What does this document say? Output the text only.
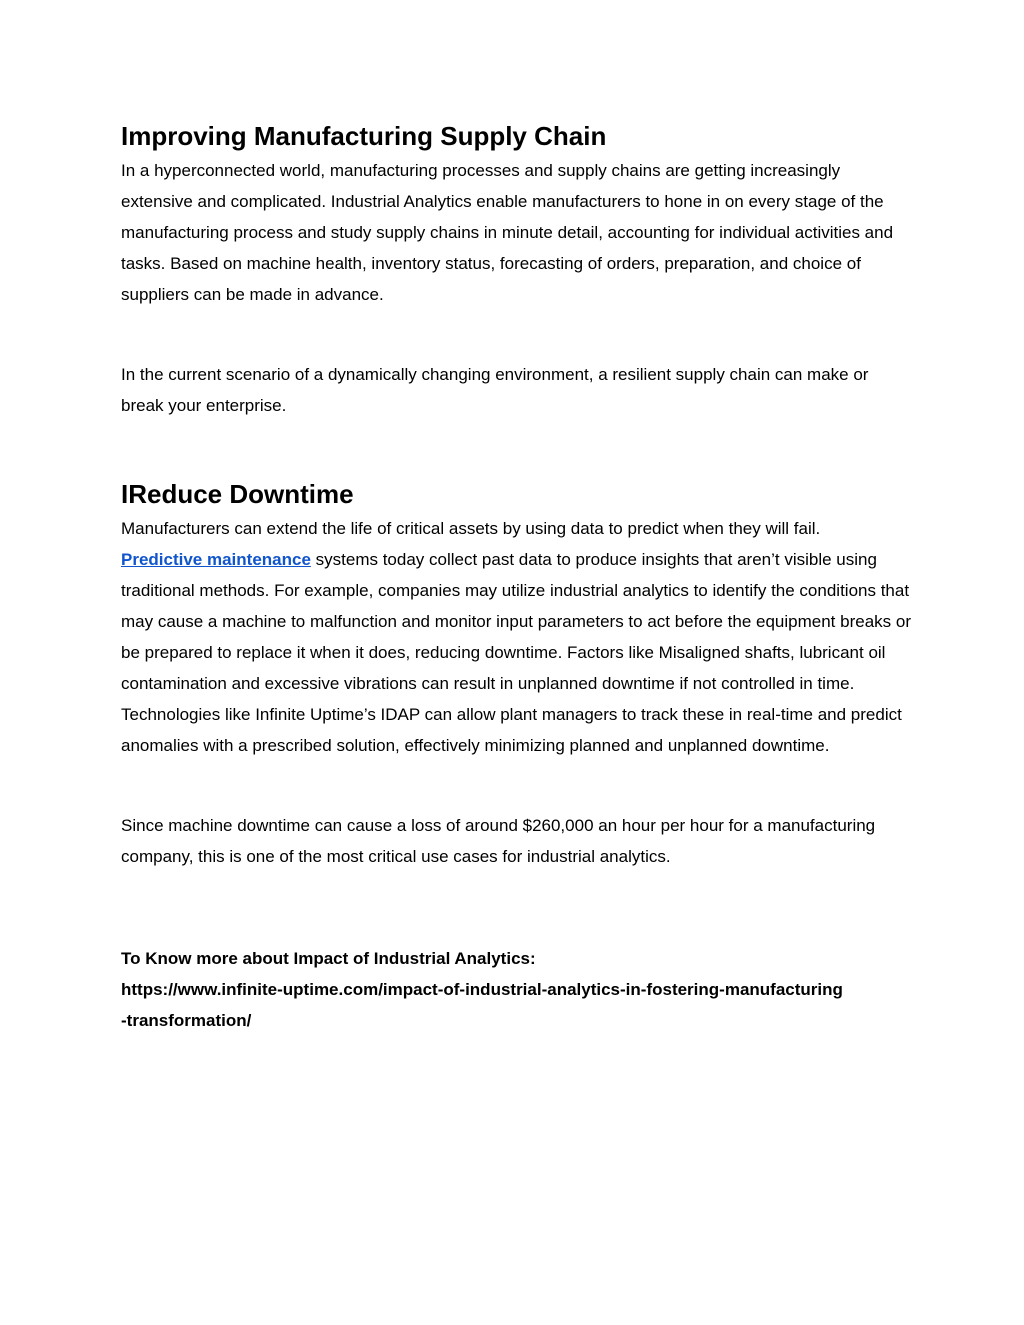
Improving Manufacturing Supply Chain

In a hyperconnected world, manufacturing processes and supply chains are getting increasingly extensive and complicated. Industrial Analytics enable manufacturers to hone in on every stage of the manufacturing process and study supply chains in minute detail, accounting for individual activities and tasks. Based on machine health, inventory status, forecasting of orders, preparation, and choice of suppliers can be made in advance.

In the current scenario of a dynamically changing environment, a resilient supply chain can make or break your enterprise.

IReduce Downtime

Manufacturers can extend the life of critical assets by using data to predict when they will fail.
Predictive maintenance systems today collect past data to produce insights that aren’t visible using traditional methods. For example, companies may utilize industrial analytics to identify the conditions that may cause a machine to malfunction and monitor input parameters to act before the equipment breaks or be prepared to replace it when it does, reducing downtime. Factors like Misaligned shafts, lubricant oil contamination and excessive vibrations can result in unplanned downtime if not controlled in time. Technologies like Infinite Uptime’s IDAP can allow plant managers to track these in real-time and predict anomalies with a prescribed solution, effectively minimizing planned and unplanned downtime.

Since machine downtime can cause a loss of around $260,000 an hour per hour for a manufacturing company, this is one of the most critical use cases for industrial analytics.

To Know more about Impact of Industrial Analytics:

https://www.infinite-uptime.com/impact-of-industrial-analytics-in-fostering-manufacturing
-transformation/
